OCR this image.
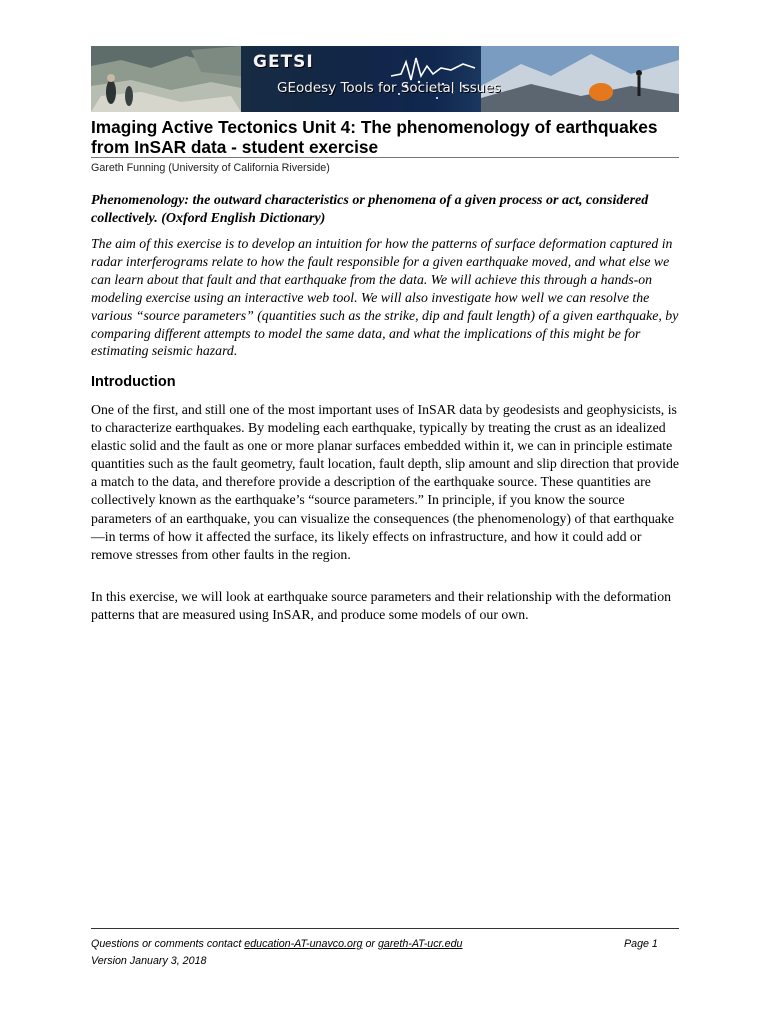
GETSI
GEodesy Tools for Societal Issues
Imaging Active Tectonics Unit 4: The phenomenology of earthquakes from InSAR data - student exercise
Gareth Funning (University of California Riverside)

Phenomenology: the outward characteristics or phenomena of a given process or act, considered collectively. (Oxford English Dictionary)

The aim of this exercise is to develop an intuition for how the patterns of surface deformation captured in radar interferograms relate to how the fault responsible for a given earthquake moved, and what else we can learn about that fault and that earthquake from the data. We will achieve this through a hands-on modeling exercise using an interactive web tool. We will also investigate how well we can resolve the various “source parameters” (quantities such as the strike, dip and fault length) of a given earthquake, by comparing different attempts to model the same data, and what the implications of this might be for estimating seismic hazard.

Introduction

One of the first, and still one of the most important uses of InSAR data by geodesists and geophysicists, is to characterize earthquakes. By modeling each earthquake, typically by treating the crust as an idealized elastic solid and the fault as one or more planar surfaces embedded within it, we can in principle estimate quantities such as the fault geometry, fault location, fault depth, slip amount and slip direction that provide a match to the data, and therefore provide a description of the earthquake source. These quantities are collectively known as the earthquake’s “source parameters.” In principle, if you know the source parameters of an earthquake, you can visualize the consequences (the phenomenology) of that earthquake—in terms of how it affected the surface, its likely effects on infrastructure, and how it could add or remove stresses from other faults in the region.

In this exercise, we will look at earthquake source parameters and their relationship with the deformation patterns that are measured using InSAR, and produce some models of our own.

Questions or comments contact education-AT-unavco.org or gareth-AT-ucr.edu	Page 1
Version January 3, 2018
